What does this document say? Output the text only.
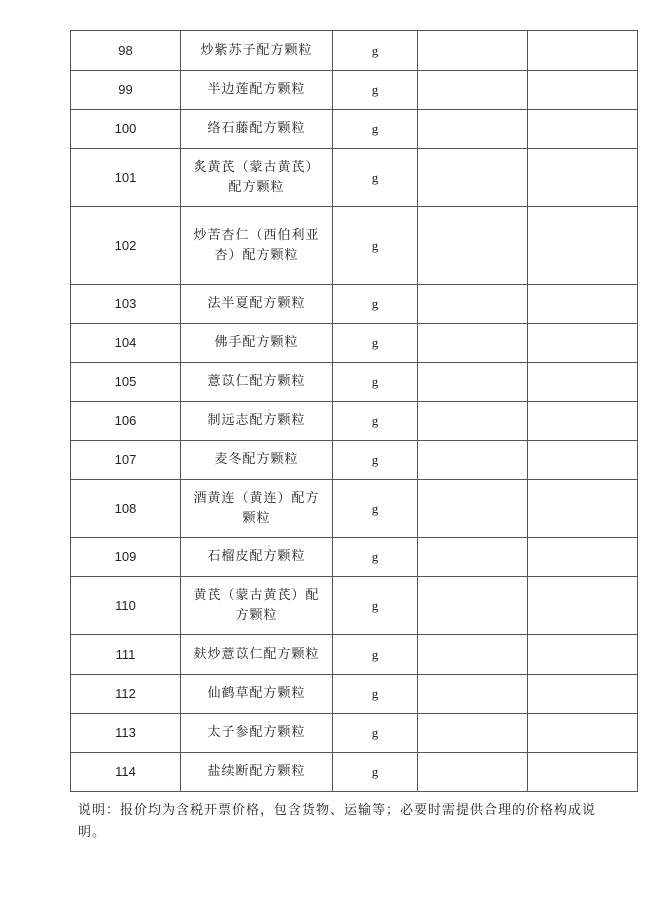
98	炒紫苏子配方颗粒	g		
99	半边莲配方颗粒	g		
100	络石藤配方颗粒	g		
101	炙黄芪（蒙古黄芪）配方颗粒	g		
102	炒苦杏仁（西伯利亚杏）配方颗粒	g		
103	法半夏配方颗粒	g		
104	佛手配方颗粒	g		
105	薏苡仁配方颗粒	g		
106	制远志配方颗粒	g		
107	麦冬配方颗粒	g		
108	酒黄连（黄连）配方颗粒	g		
109	石榴皮配方颗粒	g		
110	黄芪（蒙古黄芪）配方颗粒	g		
111	麸炒薏苡仁配方颗粒	g		
112	仙鹤草配方颗粒	g		
113	太子参配方颗粒	g		
114	盐续断配方颗粒	g		
说明：报价均为含税开票价格，包含货物、运输等；必要时需提供合理的价格构成说明。
